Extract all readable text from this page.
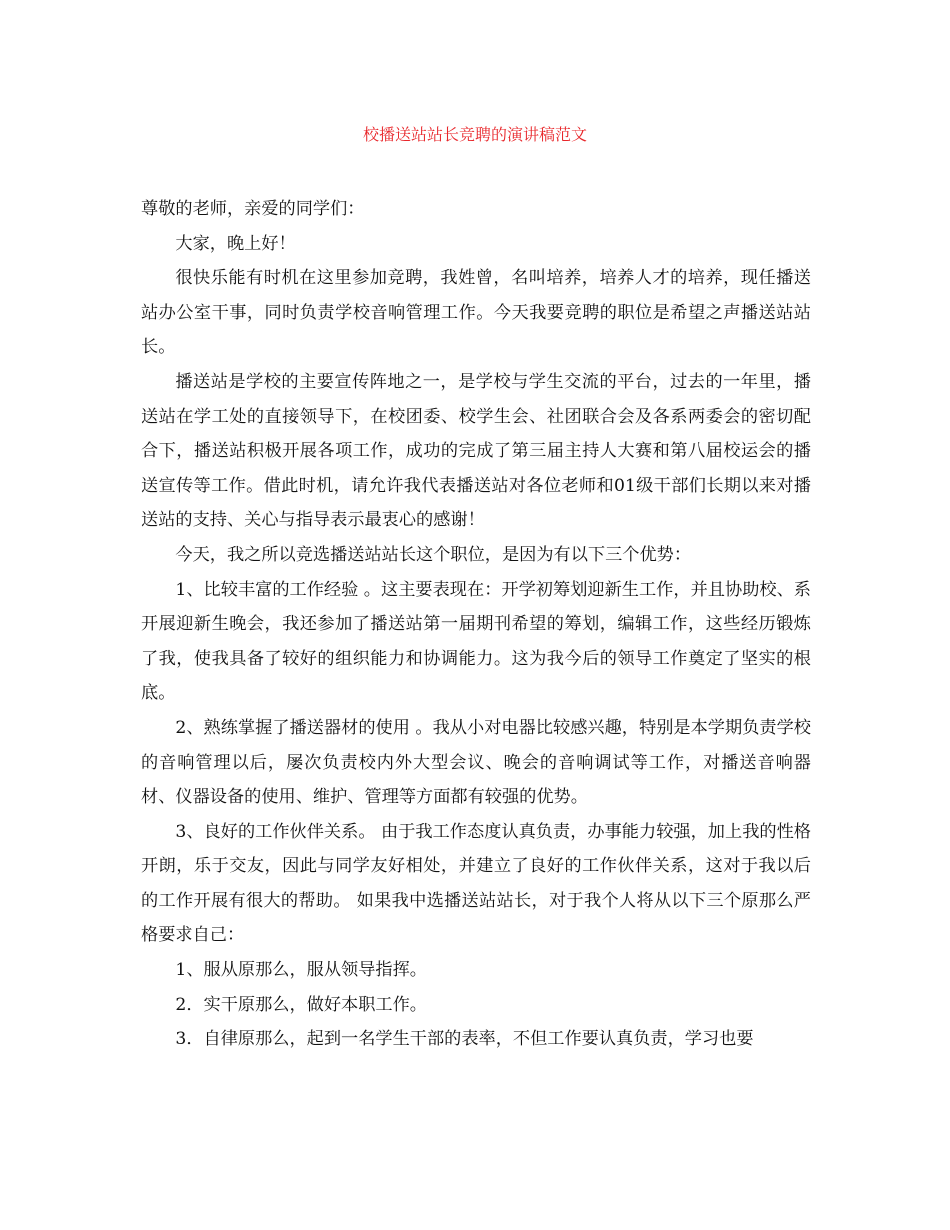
校播送站站长竞聘的演讲稿范文

尊敬的老师，亲爱的同学们：

大家，晚上好！

很快乐能有时机在这里参加竞聘，我姓曾，名叫培养，培养人才的培养，现任播送站办公室干事，同时负责学校音响管理工作。今天我要竞聘的职位是希望之声播送站站长。

播送站是学校的主要宣传阵地之一，是学校与学生交流的平台，过去的一年里，播送站在学工处的直接领导下，在校团委、校学生会、社团联合会及各系两委会的密切配合下，播送站积极开展各项工作，成功的完成了第三届主持人大赛和第八届校运会的播送宣传等工作。借此时机，请允许我代表播送站对各位老师和01级干部们长期以来对播送站的支持、关心与指导表示最衷心的感谢！

今天，我之所以竞选播送站站长这个职位，是因为有以下三个优势：

1、比较丰富的工作经验 。这主要表现在：开学初筹划迎新生工作，并且协助校、系开展迎新生晚会，我还参加了播送站第一届期刊希望的筹划，编辑工作，这些经历锻炼了我，使我具备了较好的组织能力和协调能力。这为我今后的领导工作奠定了坚实的根底。

2、熟练掌握了播送器材的使用 。我从小对电器比较感兴趣，特别是本学期负责学校的音响管理以后，屡次负责校内外大型会议、晚会的音响调试等工作，对播送音响器材、仪器设备的使用、维护、管理等方面都有较强的优势。

3、良好的工作伙伴关系。 由于我工作态度认真负责，办事能力较强，加上我的性格开朗，乐于交友，因此与同学友好相处，并建立了良好的工作伙伴关系，这对于我以后的工作开展有很大的帮助。 如果我中选播送站站长，对于我个人将从以下三个原那么严格要求自己：

1、服从原那么，服从领导指挥。

2．实干原那么，做好本职工作。

3．自律原那么，起到一名学生干部的表率，不但工作要认真负责，学习也要
